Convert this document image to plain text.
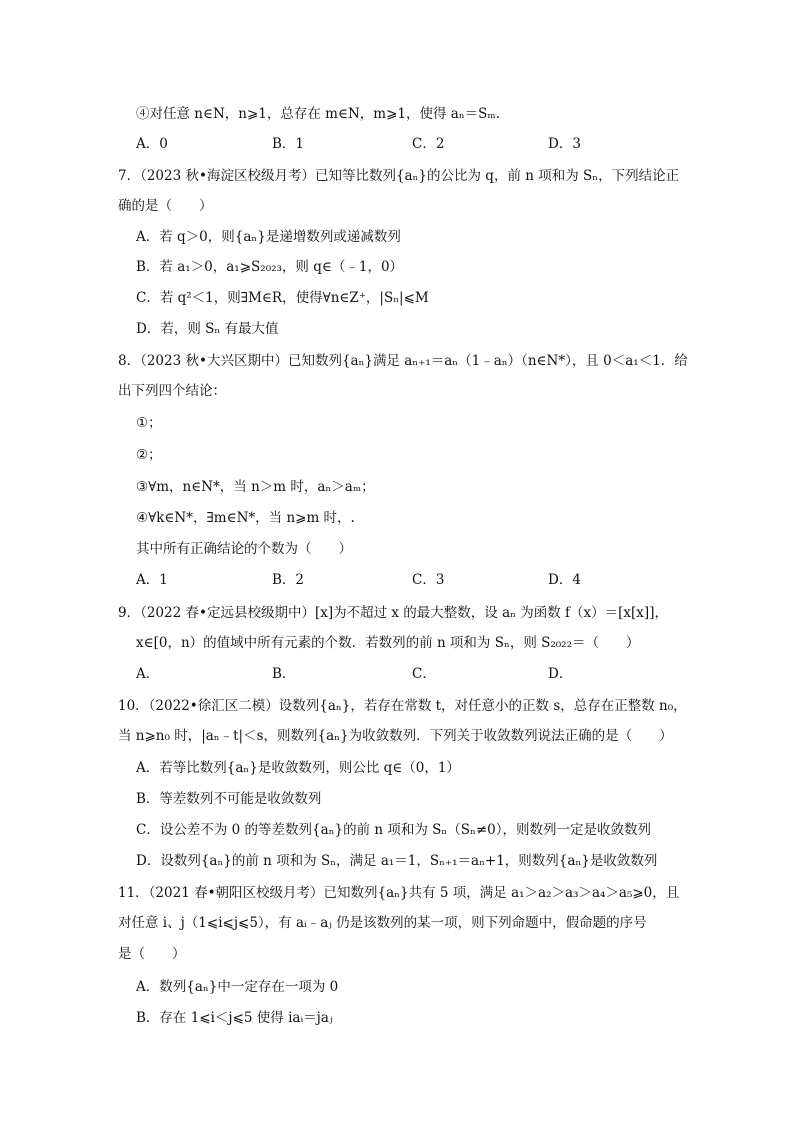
④对任意 n∈N，n⩾1，总存在 m∈N，m⩾1，使得 aₙ＝Sₘ.
A．0	B．1	C．2	D．3
7．（2023 秋•海淀区校级月考）已知等比数列{aₙ}的公比为 q，前 n 项和为 Sₙ，下列结论正
确的是（　　）
A．若 q＞0，则{aₙ}是递增数列或递减数列
B．若 a₁＞0，a₁⩾S₂₀₂₃，则 q∈（﹣1，0）
C．若 q²＜1，则∃M∈R，使得∀n∈Z⁺，|Sₙ|⩽M
D．若，则 Sₙ 有最大值
8．（2023 秋•大兴区期中）已知数列{aₙ}满足 aₙ₊₁＝aₙ（1﹣aₙ）（n∈N*），且 0＜a₁＜1．给
出下列四个结论：
①；
②；
③∀m，n∈N*，当 n＞m 时，aₙ＞aₘ；
④∀k∈N*，∃m∈N*，当 n⩾m 时，.
其中所有正确结论的个数为（　　）
A．1	B．2	C．3	D．4
9．（2022 春•定远县校级期中）[x]为不超过 x 的最大整数，设 aₙ 为函数 f（x）＝[x[x]]，
x∈[0，n）的值域中所有元素的个数．若数列的前 n 项和为 Sₙ，则 S₂₀₂₂＝（　　）
A．	B．	C．	D．
10．（2022•徐汇区二模）设数列{aₙ}，若存在常数 t，对任意小的正数 s，总存在正整数 n₀，
当 n⩾n₀ 时，|aₙ﹣t|＜s，则数列{aₙ}为收敛数列．下列关于收敛数列说法正确的是（　　）
A．若等比数列{aₙ}是收敛数列，则公比 q∈（0，1）
B．等差数列不可能是收敛数列
C．设公差不为 0 的等差数列{aₙ}的前 n 项和为 Sₙ（Sₙ≠0），则数列一定是收敛数列
D．设数列{aₙ}的前 n 项和为 Sₙ，满足 a₁＝1，Sₙ₊₁＝aₙ+1，则数列{aₙ}是收敛数列
11．（2021 春•朝阳区校级月考）已知数列{aₙ}共有 5 项，满足 a₁＞a₂＞a₃＞a₄＞a₅⩾0，且
对任意 i、j（1⩽i⩽j⩽5），有 aᵢ﹣aⱼ 仍是该数列的某一项，则下列命题中，假命题的序号
是（　　）
A．数列{aₙ}中一定存在一项为 0
B．存在 1⩽i＜j⩽5 使得 iaᵢ＝jaⱼ
